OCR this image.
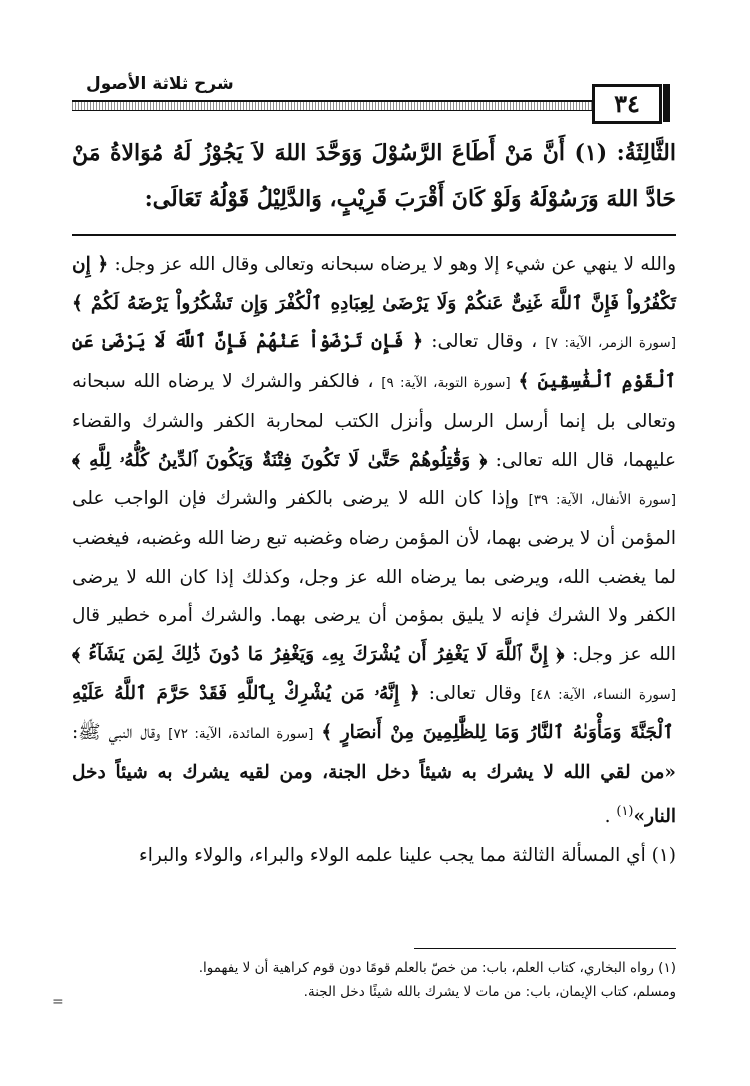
٣٤
شرح ثلاثة الأصول
الثَّالِثَةُ: (١) أَنَّ مَنْ أَطَاعَ الرَّسُوْلَ وَوَحَّدَ اللهَ لاَ يَجُوْزُ لَهُ مُوَالاةُ مَنْ حَادَّ اللهَ وَرَسُوْلَهُ وَلَوْ كَانَ أَقْرَبَ قَرِيْبٍ، وَالدَّلِيْلُ قَوْلُهُ تَعَالَى:

والله لا ينهي عن شيء إلا وهو لا يرضاه سبحانه وتعالى وقال الله عز وجل: ﴿ إِن تَكْفُرُواْ فَإِنَّ ٱللَّهَ غَنِىٌّ عَنكُمْ وَلَا يَرْضَىٰ لِعِبَادِهِ ٱلْكُفْرَ وَإِن تَشْكُرُواْ يَرْضَهُ لَكُمْ ﴾ [سورة الزمر، الآية: ٧] ، وقال تعالى: ﴿ فَإِن تَرْضَوْاْ عَنْهُمْ فَإِنَّ ٱللَّهَ لَا يَرْضَىٰ عَنِ ٱلْقَوْمِ ٱلْفَٰسِقِينَ ﴾ [سورة التوبة، الآية: ٩] ، فالكفر والشرك لا يرضاه الله سبحانه وتعالى بل إنما أرسل الرسل وأنزل الكتب لمحاربة الكفر والشرك والقضاء عليهما، قال الله تعالى: ﴿ وَقَٰتِلُوهُمْ حَتَّىٰ لَا تَكُونَ فِتْنَةٌ وَيَكُونَ ٱلدِّينُ كُلُّهُۥ لِلَّهِ ﴾ [سورة الأنفال، الآية: ٣٩] وإذا كان الله لا يرضى بالكفر والشرك فإن الواجب على المؤمن أن لا يرضى بهما، لأن المؤمن رضاه وغضبه تبع رضا الله وغضبه، فيغضب لما يغضب الله، ويرضى بما يرضاه الله عز وجل، وكذلك إذا كان الله لا يرضى الكفر ولا الشرك فإنه لا يليق بمؤمن أن يرضى بهما. والشرك أمره خطير قال الله عز وجل: ﴿ إِنَّ ٱللَّهَ لَا يَغْفِرُ أَن يُشْرَكَ بِهِۦ وَيَغْفِرُ مَا دُونَ ذَٰلِكَ لِمَن يَشَآءُ ﴾ [سورة النساء، الآية: ٤٨] وقال تعالى: ﴿ إِنَّهُۥ مَن يُشْرِكْ بِٱللَّهِ فَقَدْ حَرَّمَ ٱللَّهُ عَلَيْهِ ٱلْجَنَّةَ وَمَأْوَىٰهُ ٱلنَّارُ وَمَا لِلظَّٰلِمِينَ مِنْ أَنصَارٍ ﴾ [سورة المائدة، الآية: ٧٢] وقال النبي ﷺ: «من لقي الله لا يشرك به شيئاً دخل الجنة، ومن لقيه يشرك به شيئاً دخل النار»$^{(١)}$ .

(١) أي المسألة الثالثة مما يجب علينا علمه الولاء والبراء، والولاء والبراء

(١) رواه البخاري، كتاب العلم، باب: من خصّ بالعلم قومًا دون قوم كراهية أن لا يفهموا.

ومسلم، كتاب الإيمان، باب: من مات لا يشرك بالله شيئًا دخل الجنة.

=
